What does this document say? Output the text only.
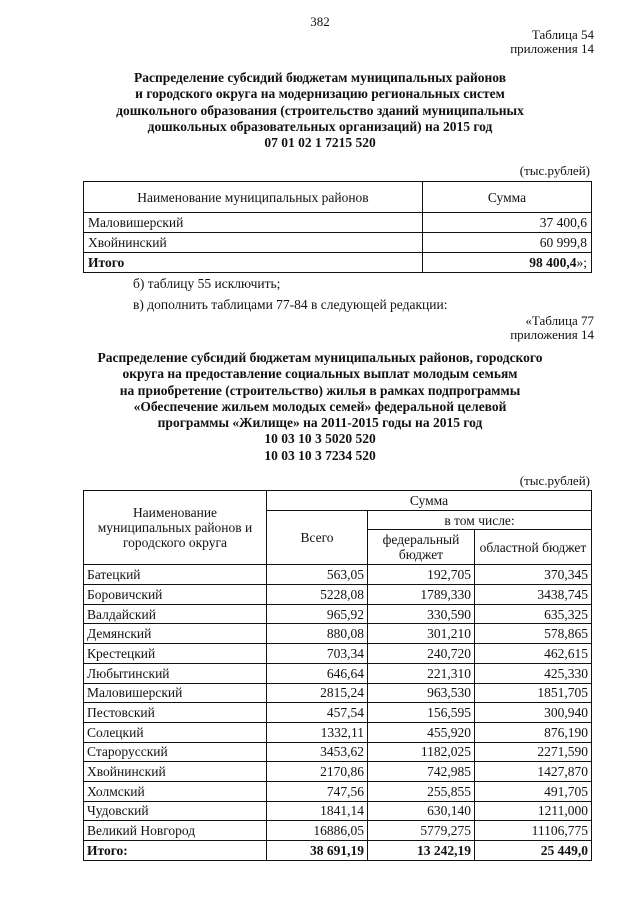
382
Таблица 54
приложения 14
Распределение субсидий бюджетам муниципальных районов
и городского округа на модернизацию региональных систем
дошкольного образования (строительство зданий муниципальных
дошкольных образовательных организаций) на 2015 год
07 01 02 1 7215 520
(тыс.рублей)
Наименование муниципальных районов	Сумма
Маловишерский	37 400,6
Хвойнинский	60 999,8
Итого	98 400,4»;
б) таблицу 55 исключить;
в) дополнить таблицами 77-84 в следующей редакции:
«Таблица 77
приложения 14
Распределение субсидий бюджетам муниципальных районов, городского
округа на предоставление социальных выплат молодым семьям
на приобретение (строительство) жилья в рамках подпрограммы
«Обеспечение жильем молодых семей» федеральной целевой
программы «Жилище» на 2011-2015 годы на 2015 год
10 03 10 3 5020 520
10 03 10 3 7234 520
(тыс.рублей)
Наименование муниципальных районов и городского округа	Сумма		
	Всего	в том числе:	
		федеральный бюджет	областной бюджет
Батецкий	563,05	192,705	370,345
Боровичский	5228,08	1789,330	3438,745
Валдайский	965,92	330,590	635,325
Демянский	880,08	301,210	578,865
Крестецкий	703,34	240,720	462,615
Любытинский	646,64	221,310	425,330
Маловишерский	2815,24	963,530	1851,705
Пестовский	457,54	156,595	300,940
Солецкий	1332,11	455,920	876,190
Старорусский	3453,62	1182,025	2271,590
Хвойнинский	2170,86	742,985	1427,870
Холмский	747,56	255,855	491,705
Чудовский	1841,14	630,140	1211,000
Великий Новгород	16886,05	5779,275	11106,775
Итого:	38 691,19	13 242,19	25 449,0
